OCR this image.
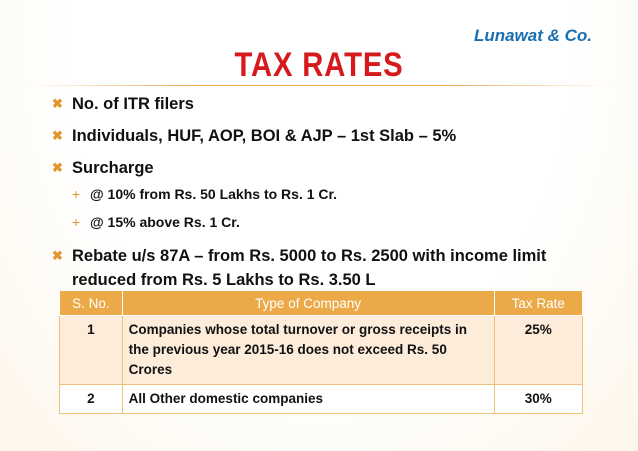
Lunawat & Co.
TAX RATES
✖ No. of ITR filers
✖ Individuals, HUF, AOP, BOI & AJP – 1st Slab – 5%
✖ Surcharge
+ @ 10% from Rs. 50 Lakhs to Rs. 1 Cr.
+ @ 15% above Rs. 1 Cr.
✖ Rebate u/s 87A – from Rs. 5000 to Rs. 2500 with income limit reduced from Rs. 5 Lakhs to Rs. 3.50 L
S. No.	Type of Company	Tax Rate
1	Companies whose total turnover or gross receipts in the previous year 2015-16 does not exceed Rs. 50 Crores	25%
2	All Other domestic companies	30%
